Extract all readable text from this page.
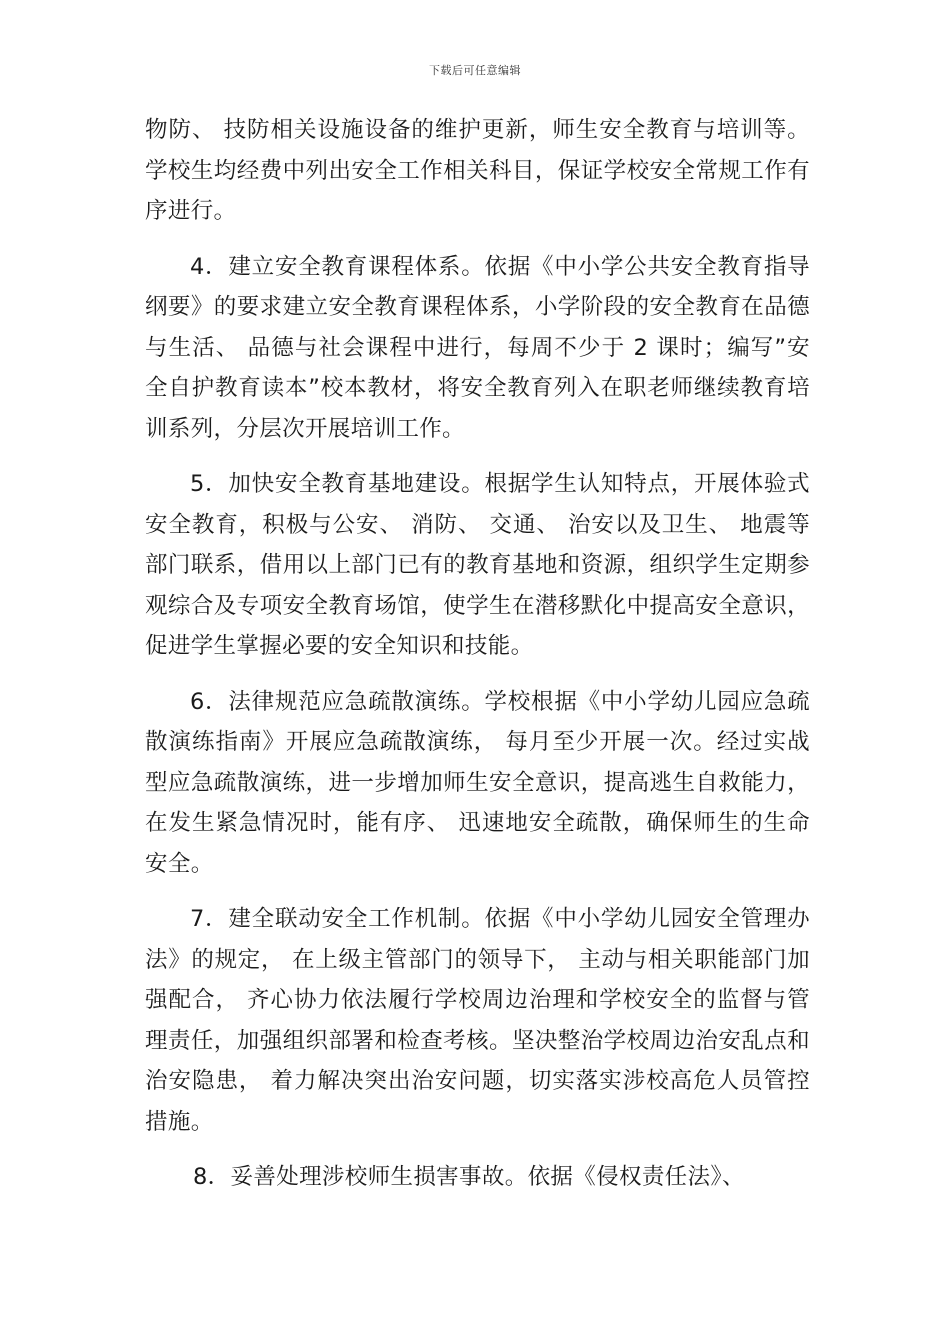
下载后可任意编辑

物防、 技防相关设施设备的维护更新，师生安全教育与培训等。学校生均经费中列出安全工作相关科目，保证学校安全常规工作有序进行。

4．建立安全教育课程体系。依据《中小学公共安全教育指导纲要》的要求建立安全教育课程体系，小学阶段的安全教育在品德与生活、 品德与社会课程中进行，每周不少于 2 课时；编写”安全自护教育读本”校本教材，将安全教育列入在职老师继续教育培训系列，分层次开展培训工作。

5．加快安全教育基地建设。根据学生认知特点，开展体验式安全教育，积极与公安、 消防、 交通、 治安以及卫生、 地震等部门联系，借用以上部门已有的教育基地和资源，组织学生定期参观综合及专项安全教育场馆，使学生在潜移默化中提高安全意识，促进学生掌握必要的安全知识和技能。

6．法律规范应急疏散演练。学校根据《中小学幼儿园应急疏散演练指南》开展应急疏散演练， 每月至少开展一次。经过实战型应急疏散演练，进一步增加师生安全意识，提高逃生自救能力，在发生紧急情况时，能有序、 迅速地安全疏散，确保师生的生命安全。

7．建全联动安全工作机制。依据《中小学幼儿园安全管理办法》的规定， 在上级主管部门的领导下， 主动与相关职能部门加强配合， 齐心协力依法履行学校周边治理和学校安全的监督与管理责任，加强组织部署和检查考核。坚决整治学校周边治安乱点和治安隐患， 着力解决突出治安问题，切实落实涉校高危人员管控措施。

8．妥善处理涉校师生损害事故。依据《侵权责任法》、
